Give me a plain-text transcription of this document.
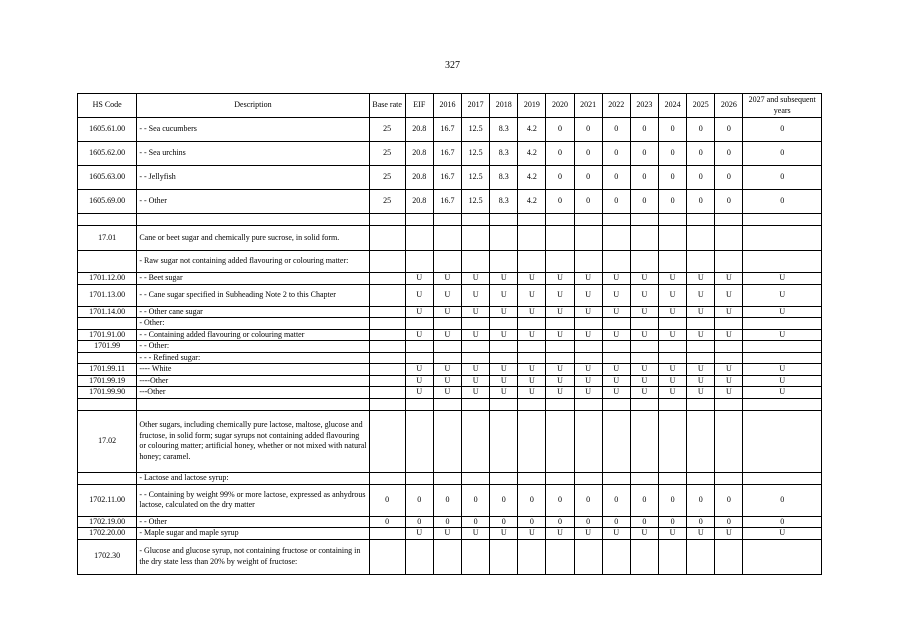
327
HS Code	Description	Base rate	EIF	2016	2017	2018	2019	2020	2021	2022	2023	2024	2025	2026	2027 and subsequent years
1605.61.00	- - Sea cucumbers	25	20.8	16.7	12.5	8.3	4.2	0	0	0	0	0	0	0	0
1605.62.00	- - Sea urchins	25	20.8	16.7	12.5	8.3	4.2	0	0	0	0	0	0	0	0
1605.63.00	- - Jellyfish	25	20.8	16.7	12.5	8.3	4.2	0	0	0	0	0	0	0	0
1605.69.00	- - Other	25	20.8	16.7	12.5	8.3	4.2	0	0	0	0	0	0	0	0

17.01	Cane or beet sugar and chemically pure sucrose, in solid form.														
	- Raw sugar not containing added flavouring or colouring matter:														
1701.12.00	- - Beet sugar		U	U	U	U	U	U	U	U	U	U	U	U	U
1701.13.00	- - Cane sugar specified in Subheading Note 2 to this Chapter		U	U	U	U	U	U	U	U	U	U	U	U	U
1701.14.00	- - Other cane sugar		U	U	U	U	U	U	U	U	U	U	U	U	U
	- Other:														
1701.91.00	- - Containing added flavouring or colouring matter		U	U	U	U	U	U	U	U	U	U	U	U	U
1701.99	- - Other:														
	- - - Refined sugar:														
1701.99.11	---- White		U	U	U	U	U	U	U	U	U	U	U	U	U
1701.99.19	----Other		U	U	U	U	U	U	U	U	U	U	U	U	U
1701.99.90	---Other		U	U	U	U	U	U	U	U	U	U	U	U	U

17.02	Other sugars, including chemically pure lactose, maltose, glucose and fructose, in solid form; sugar syrups not containing added flavouring or colouring matter; artificial honey, whether or not mixed with natural honey; caramel.														
	- Lactose and lactose syrup:														
1702.11.00	- - Containing by weight 99% or more lactose, expressed as anhydrous lactose, calculated on the dry matter	0	0	0	0	0	0	0	0	0	0	0	0	0	0
1702.19.00	- - Other	0	0	0	0	0	0	0	0	0	0	0	0	0	0
1702.20.00	- Maple sugar and maple syrup		U	U	U	U	U	U	U	U	U	U	U	U	U
1702.30	- Glucose and glucose syrup, not containing fructose or containing in the dry state less than 20% by weight of fructose:														
